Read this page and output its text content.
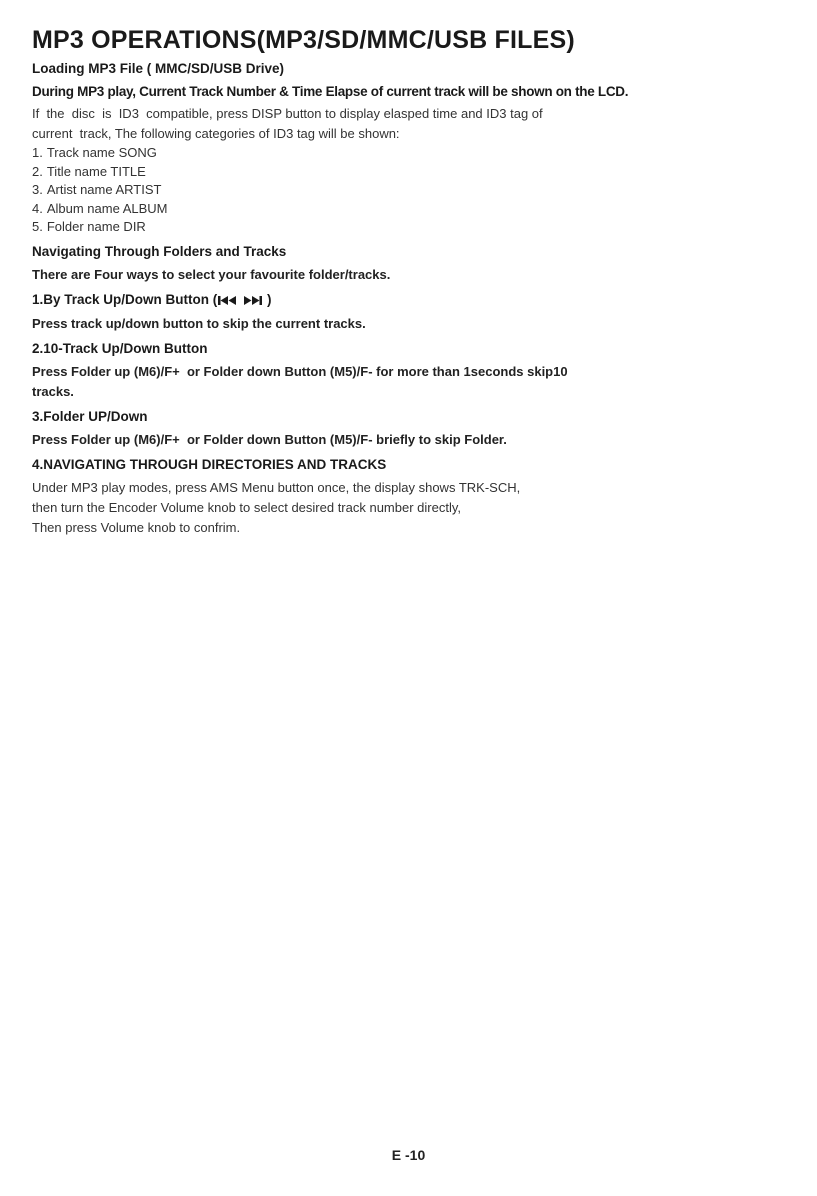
MP3 OPERATIONS(MP3/SD/MMC/USB FILES)
Loading MP3 File ( MMC/SD/USB Drive)
During MP3 play, Current Track Number & Time Elapse of current track will be shown on the LCD.

If  the  disc  is  ID3  compatible, press DISP button to display elasped time and ID3 tag of
current  track, The following categories of ID3 tag will be shown:

1. Track name SONG
2. Title name TITLE
3. Artist name ARTIST
4. Album name ALBUM
5. Folder name DIR
Navigating Through Folders and Tracks
There are Four ways to select your favourite folder/tracks.
1.By Track Up/Down Button (	)
Press track up/down button to skip the current tracks.
2.10-Track Up/Down Button
Press Folder up (M6)/F+  or Folder down Button (M5)/F- for more than 1seconds skip10
tracks.
3.Folder UP/Down
Press Folder up (M6)/F+  or Folder down Button (M5)/F- briefly to skip Folder.
4.NAVIGATING THROUGH DIRECTORIES AND TRACKS

Under MP3 play modes, press AMS Menu button once, the display shows TRK-SCH,
then turn the Encoder Volume knob to select desired track number directly,
Then press Volume knob to confrim.

E -10
